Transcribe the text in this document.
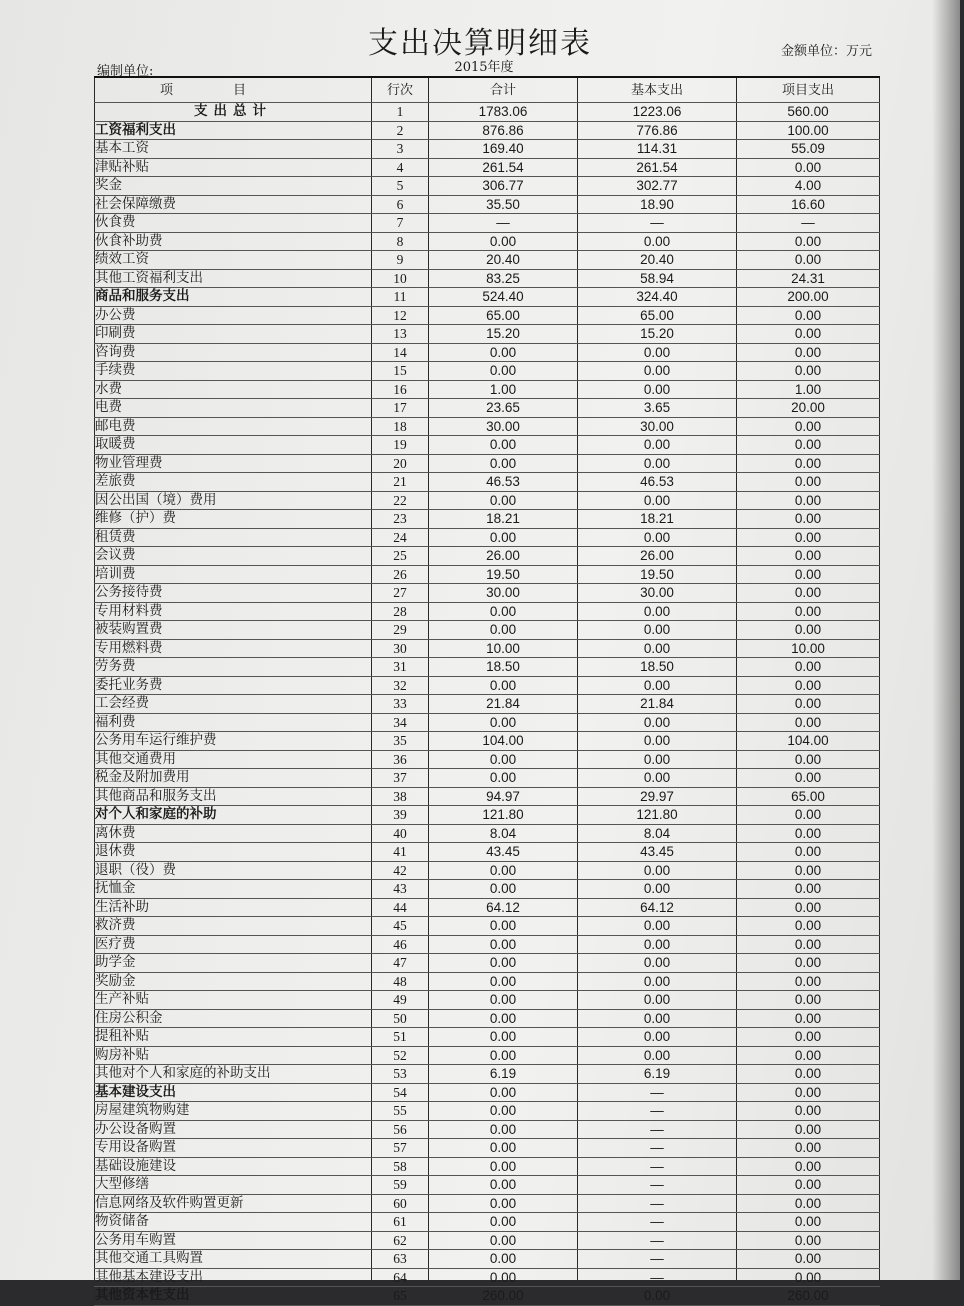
支出决算明细表	金额单位：万元
编制单位:	2015年度
项目	行次	合计	基本支出	项目支出
支出总计	1	1783.06	1223.06	560.00
工资福利支出	2	876.86	776.86	100.00
基本工资	3	169.40	114.31	55.09
津贴补贴	4	261.54	261.54	0.00
奖金	5	306.77	302.77	4.00
社会保障缴费	6	35.50	18.90	16.60
伙食费	7	—	—	—
伙食补助费	8	0.00	0.00	0.00
绩效工资	9	20.40	20.40	0.00
其他工资福利支出	10	83.25	58.94	24.31
商品和服务支出	11	524.40	324.40	200.00
办公费	12	65.00	65.00	0.00
印刷费	13	15.20	15.20	0.00
咨询费	14	0.00	0.00	0.00
手续费	15	0.00	0.00	0.00
水费	16	1.00	0.00	1.00
电费	17	23.65	3.65	20.00
邮电费	18	30.00	30.00	0.00
取暖费	19	0.00	0.00	0.00
物业管理费	20	0.00	0.00	0.00
差旅费	21	46.53	46.53	0.00
因公出国（境）费用	22	0.00	0.00	0.00
维修（护）费	23	18.21	18.21	0.00
租赁费	24	0.00	0.00	0.00
会议费	25	26.00	26.00	0.00
培训费	26	19.50	19.50	0.00
公务接待费	27	30.00	30.00	0.00
专用材料费	28	0.00	0.00	0.00
被装购置费	29	0.00	0.00	0.00
专用燃料费	30	10.00	0.00	10.00
劳务费	31	18.50	18.50	0.00
委托业务费	32	0.00	0.00	0.00
工会经费	33	21.84	21.84	0.00
福利费	34	0.00	0.00	0.00
公务用车运行维护费	35	104.00	0.00	104.00
其他交通费用	36	0.00	0.00	0.00
税金及附加费用	37	0.00	0.00	0.00
其他商品和服务支出	38	94.97	29.97	65.00
对个人和家庭的补助	39	121.80	121.80	0.00
离休费	40	8.04	8.04	0.00
退休费	41	43.45	43.45	0.00
退职（役）费	42	0.00	0.00	0.00
抚恤金	43	0.00	0.00	0.00
生活补助	44	64.12	64.12	0.00
救济费	45	0.00	0.00	0.00
医疗费	46	0.00	0.00	0.00
助学金	47	0.00	0.00	0.00
奖励金	48	0.00	0.00	0.00
生产补贴	49	0.00	0.00	0.00
住房公积金	50	0.00	0.00	0.00
提租补贴	51	0.00	0.00	0.00
购房补贴	52	0.00	0.00	0.00
其他对个人和家庭的补助支出	53	6.19	6.19	0.00
基本建设支出	54	0.00	—	0.00
房屋建筑物购建	55	0.00	—	0.00
办公设备购置	56	0.00	—	0.00
专用设备购置	57	0.00	—	0.00
基础设施建设	58	0.00	—	0.00
大型修缮	59	0.00	—	0.00
信息网络及软件购置更新	60	0.00	—	0.00
物资储备	61	0.00	—	0.00
公务用车购置	62	0.00	—	0.00
其他交通工具购置	63	0.00	—	0.00
其他基本建设支出	64	0.00	—	0.00
其他资本性支出	65	260.00	0.00	260.00
